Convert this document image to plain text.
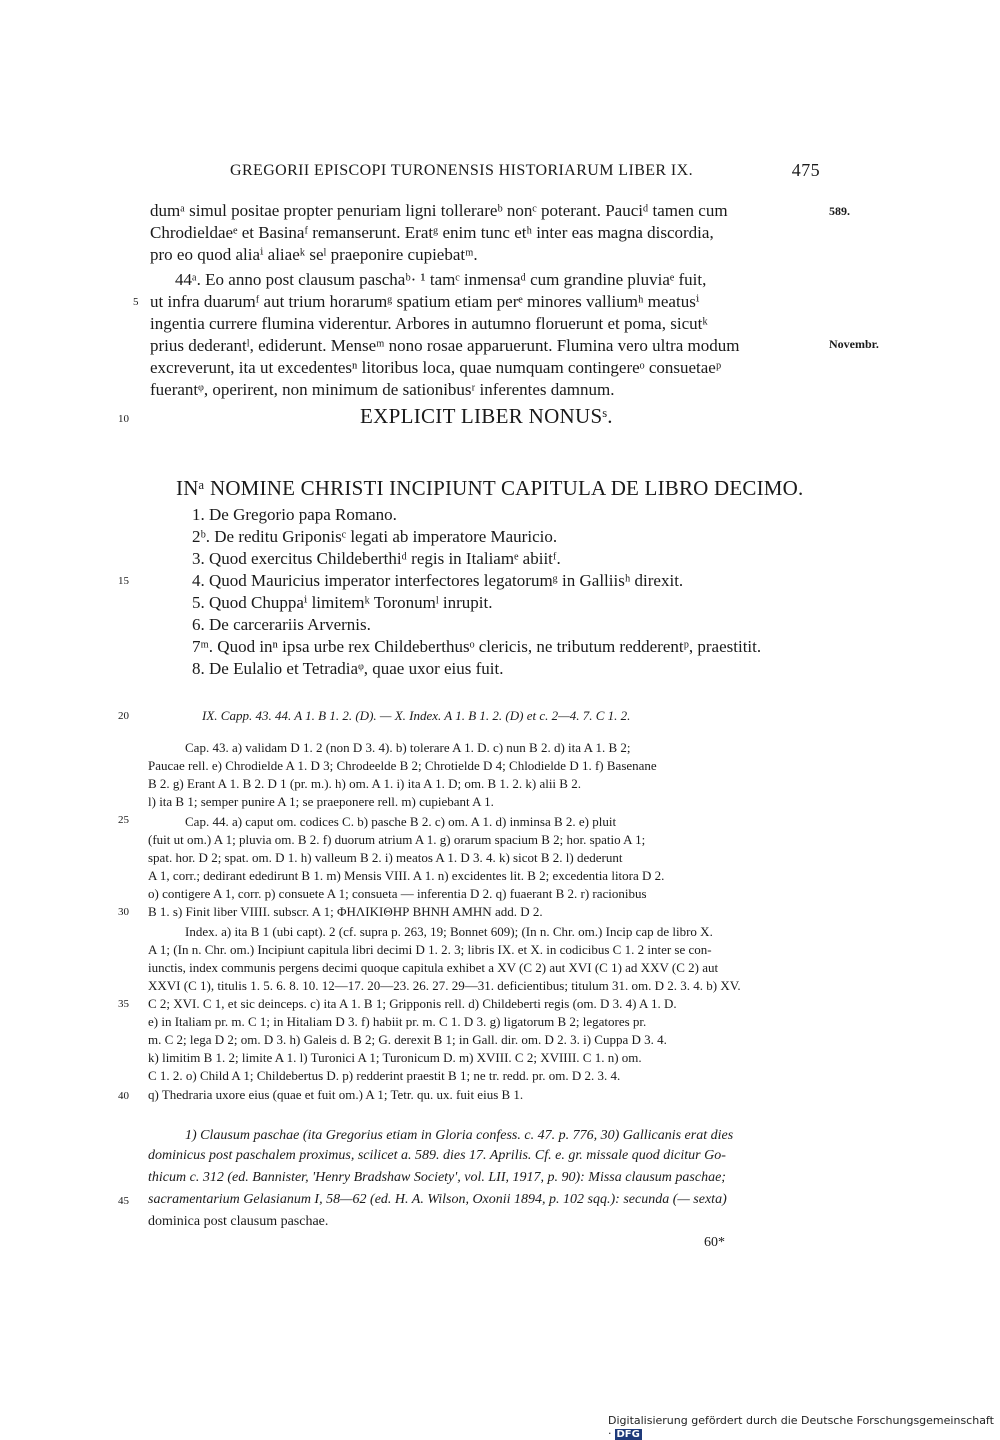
GREGORII EPISCOPI TURONENSIS HISTORIARUM LIBER IX.	475
589.
Novembr.
dumᵃ simul positae propter penuriam ligni tollerareᵇ nonᶜ poterant. Pauciᵈ tamen cum
Chrodieldaeᵉ et Basinaᶠ remanserunt. Eratᵍ enim tunc etʰ inter eas magna discordia,
pro eo quod aliaⁱ aliaeᵏ seˡ praeponire cupiebatᵐ.
44ᵃ. Eo anno post clausum paschaᵇ· ¹ tamᶜ inmensaᵈ cum grandine pluviaᵉ fuit,
ut infra duarumᶠ aut trium horarumᵍ spatium etiam perᵉ minores valliumʰ meatusⁱ
ingentia currere flumina viderentur. Arbores in autumno floruerunt et poma, sicutᵏ
prius dederantˡ, ediderunt. Menseᵐ nono rosae apparuerunt. Flumina vero ultra modum
excreverunt, ita ut excedentesⁿ litoribus loca, quae numquam contingereᵒ consuetaeᵖ
fuerantᵠ, operirent, non minimum de sationibusʳ inferentes damnum.
5
10
15
20
25
30
35
40
45
EXPLICIT LIBER NONUSˢ.
INᵃ NOMINE CHRISTI INCIPIUNT CAPITULA DE LIBRO DECIMO.
1. De Gregorio papa Romano.
2ᵇ. De reditu Griponisᶜ legati ab imperatore Mauricio.
3. Quod exercitus Childeberthiᵈ regis in Italiamᵉ abiitᶠ.
4. Quod Mauricius imperator interfectores legatorumᵍ in Galliisʰ direxit.
5. Quod Chuppaⁱ limitemᵏ Toronumˡ inrupit.
6. De carcerariis Arvernis.
7ᵐ. Quod inⁿ ipsa urbe rex Childeberthusᵒ clericis, ne tributum redderentᵖ, praestitit.
8. De Eulalio et Tetradiaᵠ, quae uxor eius fuit.
IX. Capp. 43. 44. A 1. B 1. 2. (D). — X. Index. A 1. B 1. 2. (D) et c. 2—4. 7. C 1. 2.
Cap. 43. a) validam D 1. 2 (non D 3. 4). b) tolerare A 1. D. c) nun B 2. d) ita A 1. B 2;
Paucae rell. e) Chrodielde A 1. D 3; Chrodeelde B 2; Chrotielde D 4; Chlodielde D 1. f) Basenane
B 2. g) Erant A 1. B 2. D 1 (pr. m.). h) om. A 1. i) ita A 1. D; om. B 1. 2. k) alii B 2.
l) ita B 1; semper punire A 1; se praeponere rell. m) cupiebant A 1.
Cap. 44. a) caput om. codices C. b) pasche B 2. c) om. A 1. d) inminsa B 2. e) pluit
(fuit ut om.) A 1; pluvia om. B 2. f) duorum atrium A 1. g) orarum spacium B 2; hor. spatio A 1;
spat. hor. D 2; spat. om. D 1. h) valleum B 2. i) meatos A 1. D 3. 4. k) sicot B 2. l) dederunt
A 1, corr.; dedirant ededirunt B 1. m) Mensis VIII. A 1. n) excidentes lit. B 2; excedentia litora D 2.
o) contigere A 1, corr. p) consuete A 1; consueta — inferentia D 2. q) fuaerant B 2. r) racionibus
B 1. s) Finit liber VIIII. subscr. A 1; ΦΗΛΙΚΙΘΗΡ ΒΗΝΗ ΑΜΗΝ add. D 2.
Index. a) ita B 1 (ubi capt). 2 (cf. supra p. 263, 19; Bonnet 609); (In n. Chr. om.) Incip cap de libro X.
A 1; (In n. Chr. om.) Incipiunt capitula libri decimi D 1. 2. 3; libris IX. et X. in codicibus C 1. 2 inter se con-
iunctis, index communis pergens decimi quoque capitula exhibet a XV (C 2) aut XVI (C 1) ad XXV (C 2) aut
XXVI (C 1), titulis 1. 5. 6. 8. 10. 12—17. 20—23. 26. 27. 29—31. deficientibus; titulum 31. om. D 2. 3. 4. b) XV.
C 2; XVI. C 1, et sic deinceps. c) ita A 1. B 1; Gripponis rell. d) Childeberti regis (om. D 3. 4) A 1. D.
e) in Italiam pr. m. C 1; in Hitaliam D 3. f) habiit pr. m. C 1. D 3. g) ligatorum B 2; legatores pr.
m. C 2; lega D 2; om. D 3. h) Galeis d. B 2; G. derexit B 1; in Gall. dir. om. D 2. 3. i) Cuppa D 3. 4.
k) limitim B 1. 2; limite A 1. l) Turonici A 1; Turonicum D. m) XVIII. C 2; XVIIII. C 1. n) om.
C 1. 2. o) Child A 1; Childebertus D. p) redderint praestit B 1; ne tr. redd. pr. om. D 2. 3. 4.
q) Thedraria uxore eius (quae et fuit om.) A 1; Tetr. qu. ux. fuit eius B 1.
1) Clausum paschae (ita Gregorius etiam in Gloria confess. c. 47. p. 776, 30) Gallicanis erat dies
dominicus post paschalem proximus, scilicet a. 589. dies 17. Aprilis. Cf. e. gr. missale quod dicitur Go-
thicum c. 312 (ed. Bannister, 'Henry Bradshaw Society', vol. LII, 1917, p. 90): Missa clausum paschae;
sacramentarium Gelasianum I, 58—62 (ed. H. A. Wilson, Oxonii 1894, p. 102 sqq.): secunda (— sexta)
dominica post clausum paschae.
60*
Digitalisierung gefördert durch die Deutsche Forschungsgemeinschaft · DFG
